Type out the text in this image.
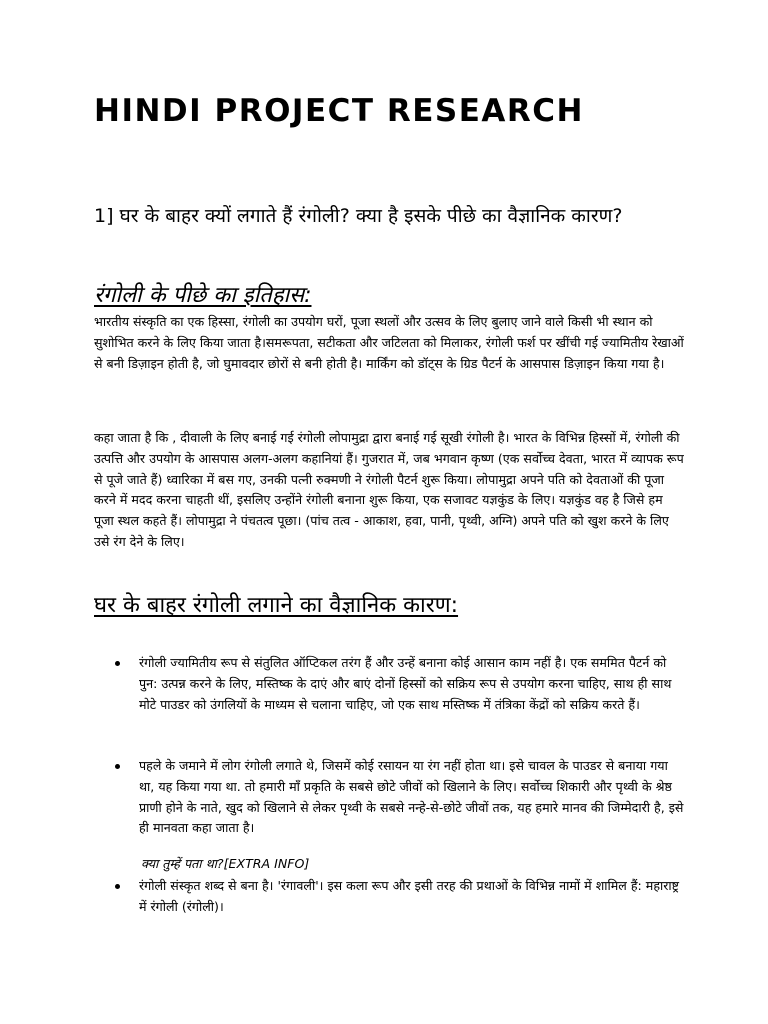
HINDI PROJECT RESEARCH
1] घर के बाहर क्यों लगाते हैं रंगोली? क्या है इसके पीछे का वैज्ञानिक कारण?
रंगोली के पीछे का इतिहास:

भारतीय संस्कृति का एक हिस्सा, रंगोली का उपयोग घरों, पूजा स्थलों और उत्सव के लिए बुलाए जाने वाले किसी भी स्थान को सुशोभित करने के लिए किया जाता है।समरूपता, सटीकता और जटिलता को मिलाकर, रंगोली फर्श पर खींची गई ज्यामितीय रेखाओं से बनी डिज़ाइन होती है, जो घुमावदार छोरों से बनी होती है। मार्किंग को डॉट्स के ग्रिड पैटर्न के आसपास डिज़ाइन किया गया है।

कहा जाता है कि , दीवाली के लिए बनाई गई रंगोली लोपामुद्रा द्वारा बनाई गई सूखी रंगोली है। भारत के विभिन्न हिस्सों में, रंगोली की उत्पत्ति और उपयोग के आसपास अलग-अलग कहानियां हैं। गुजरात में, जब भगवान कृष्ण (एक सर्वोच्च देवता, भारत में व्यापक रूप से पूजे जाते हैं) ध्वारिका में बस गए, उनकी पत्नी रुक्मणी ने रंगोली पैटर्न शुरू किया। लोपामुद्रा अपने पति को देवताओं की पूजा करने में मदद करना चाहती थीं, इसलिए उन्होंने रंगोली बनाना शुरू किया, एक सजावट यज्ञकुंड के लिए। यज्ञकुंड वह है जिसे हम पूजा स्थल कहते हैं। लोपामुद्रा ने पंचतत्व पूछा। (पांच तत्व - आकाश, हवा, पानी, पृथ्वी, अग्नि) अपने पति को खुश करने के लिए उसे रंग देने के लिए।

घर के बाहर रंगोली लगाने का वैज्ञानिक कारण:
रंगोली ज्यामितीय रूप से संतुलित ऑप्टिकल तरंग हैं और उन्हें बनाना कोई आसान काम नहीं है। एक सममित पैटर्न को पुन: उत्पन्न करने के लिए, मस्तिष्क के दाएं और बाएं दोनों हिस्सों को सक्रिय रूप से उपयोग करना चाहिए, साथ ही साथ मोटे पाउडर को उंगलियों के माध्यम से चलाना चाहिए, जो एक साथ मस्तिष्क में तंत्रिका केंद्रों को सक्रिय करते हैं।
पहले के जमाने में लोग रंगोली लगाते थे, जिसमें कोई रसायन या रंग नहीं होता था। इसे चावल के पाउडर से बनाया गया था, यह किया गया था. तो हमारी माँ प्रकृति के सबसे छोटे जीवों को खिलाने के लिए। सर्वोच्च शिकारी और पृथ्वी के श्रेष्ठ प्राणी होने के नाते, खुद को खिलाने से लेकर पृथ्वी के सबसे नन्हे-से-छोटे जीवों तक, यह हमारे मानव की जिम्मेदारी है, इसे ही मानवता कहा जाता है।

क्या तुम्हें पता था?[EXTRA INFO]

रंगोली संस्कृत शब्द से बना है। 'रंगावली'। इस कला रूप और इसी तरह की प्रथाओं के विभिन्न नामों में शामिल हैं: महाराष्ट्र में रंगोली (रंगोली)।
